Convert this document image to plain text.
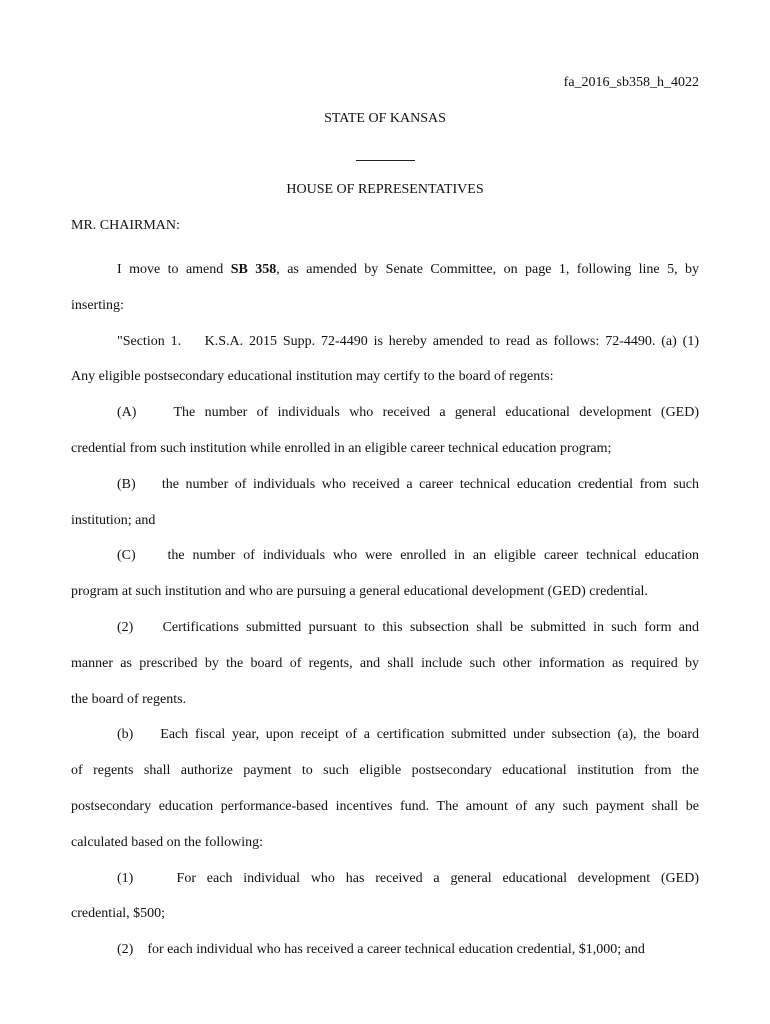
fa_2016_sb358_h_4022
STATE OF KANSAS
HOUSE OF REPRESENTATIVES
MR. CHAIRMAN:
I move to amend SB 358, as amended by Senate Committee, on page 1, following line 5, by
inserting:
"Section 1.    K.S.A. 2015 Supp. 72-4490 is hereby amended to read as follows: 72-4490. (a) (1)
Any eligible postsecondary educational institution may certify to the board of regents:
(A)    The number of individuals who received a general educational development (GED)
credential from such institution while enrolled in an eligible career technical education program;
(B)    the number of individuals who received a career technical education credential from such
institution; and
(C)    the number of individuals who were enrolled in an eligible career technical education
program at such institution and who are pursuing a general educational development (GED) credential.
(2)    Certifications submitted pursuant to this subsection shall be submitted in such form and
manner as prescribed by the board of regents, and shall include such other information as required by
the board of regents.
(b)    Each fiscal year, upon receipt of a certification submitted under subsection (a), the board
of regents shall authorize payment to such eligible postsecondary educational institution from the
postsecondary education performance-based incentives fund. The amount of any such payment shall be
calculated based on the following:
(1)    For each individual who has received a general educational development (GED)
credential, $500;
(2)    for each individual who has received a career technical education credential, $1,000; and
